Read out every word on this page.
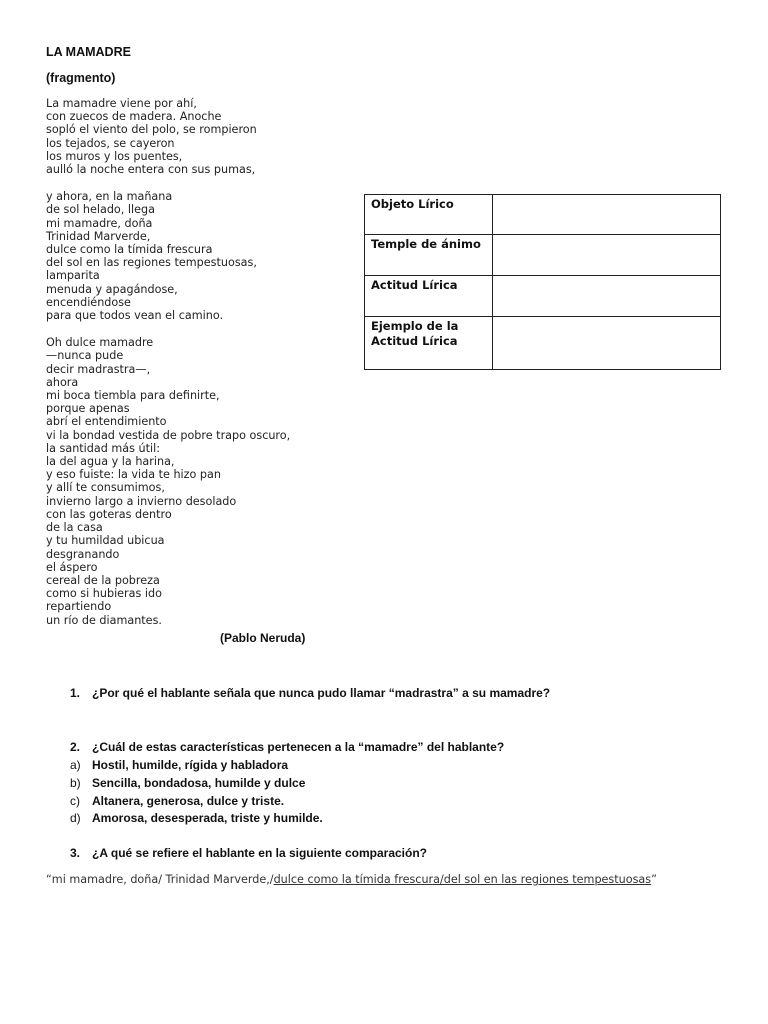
LA MAMADRE
(fragmento)
La mamadre viene por ahí,
con zuecos de madera. Anoche
sopló el viento del polo, se rompieron
los tejados, se cayeron
los muros y los puentes,
aulló la noche entera con sus pumas,
y ahora, en la mañana
de sol helado, llega
mi mamadre, doña
Trinidad Marverde,
dulce como la tímida frescura
del sol en las regiones tempestuosas,
lamparita
menuda y apagándose,
encendiéndose
para que todos vean el camino.
Oh dulce mamadre
—nunca pude
decir madrastra—,
ahora
mi boca tiembla para definirte,
porque apenas
abrí el entendimiento
vi la bondad vestida de pobre trapo oscuro,
la santidad más útil:
la del agua y la harina,
y eso fuiste: la vida te hizo pan
y allí te consumimos,
invierno largo a invierno desolado
con las goteras dentro
de la casa
y tu humildad ubicua
desgranando
el áspero
cereal de la pobreza
como si hubieras ido
repartiendo
un río de diamantes.
(Pablo Neruda)
Objeto Lírico	
Temple de ánimo	
Actitud Lírica	
Ejemplo de la Actitud Lírica	
1. ¿Por qué el hablante señala que nunca pudo llamar “madrastra” a su mamadre?
2. ¿Cuál de estas características pertenecen a la “mamadre” del hablante?
a) Hostil, humilde, rígida y habladora
b) Sencilla, bondadosa, humilde y dulce
c) Altanera, generosa, dulce y triste.
d) Amorosa, desesperada, triste y humilde.
3. ¿A qué se refiere el hablante en la siguiente comparación?
“mi mamadre, doña/ Trinidad Marverde,/dulce como la tímida frescura/del sol en las regiones tempestuosas”
